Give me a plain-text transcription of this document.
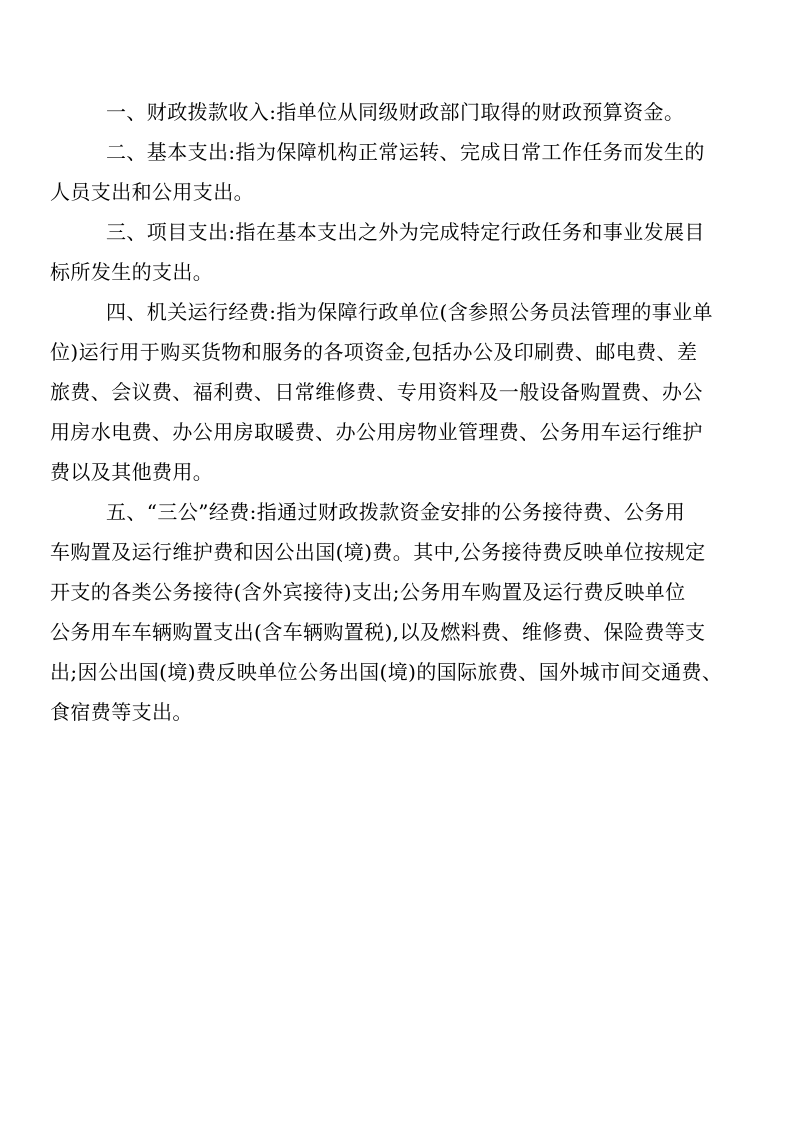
一、财政拨款收入:指单位从同级财政部门取得的财政预算资金。
二、基本支出:指为保障机构正常运转、完成日常工作任务而发生的
人员支出和公用支出。
三、项目支出:指在基本支出之外为完成特定行政任务和事业发展目
标所发生的支出。
四、机关运行经费:指为保障行政单位(含参照公务员法管理的事业单
位)运行用于购买货物和服务的各项资金,包括办公及印刷费、邮电费、差
旅费、会议费、福利费、日常维修费、专用资料及一般设备购置费、办公
用房水电费、办公用房取暖费、办公用房物业管理费、公务用车运行维护
费以及其他费用。
五、“三公”经费:指通过财政拨款资金安排的公务接待费、公务用
车购置及运行维护费和因公出国(境)费。其中,公务接待费反映单位按规定
开支的各类公务接待(含外宾接待)支出;公务用车购置及运行费反映单位
公务用车车辆购置支出(含车辆购置税),以及燃料费、维修费、保险费等支
出;因公出国(境)费反映单位公务出国(境)的国际旅费、国外城市间交通费、
食宿费等支出。
